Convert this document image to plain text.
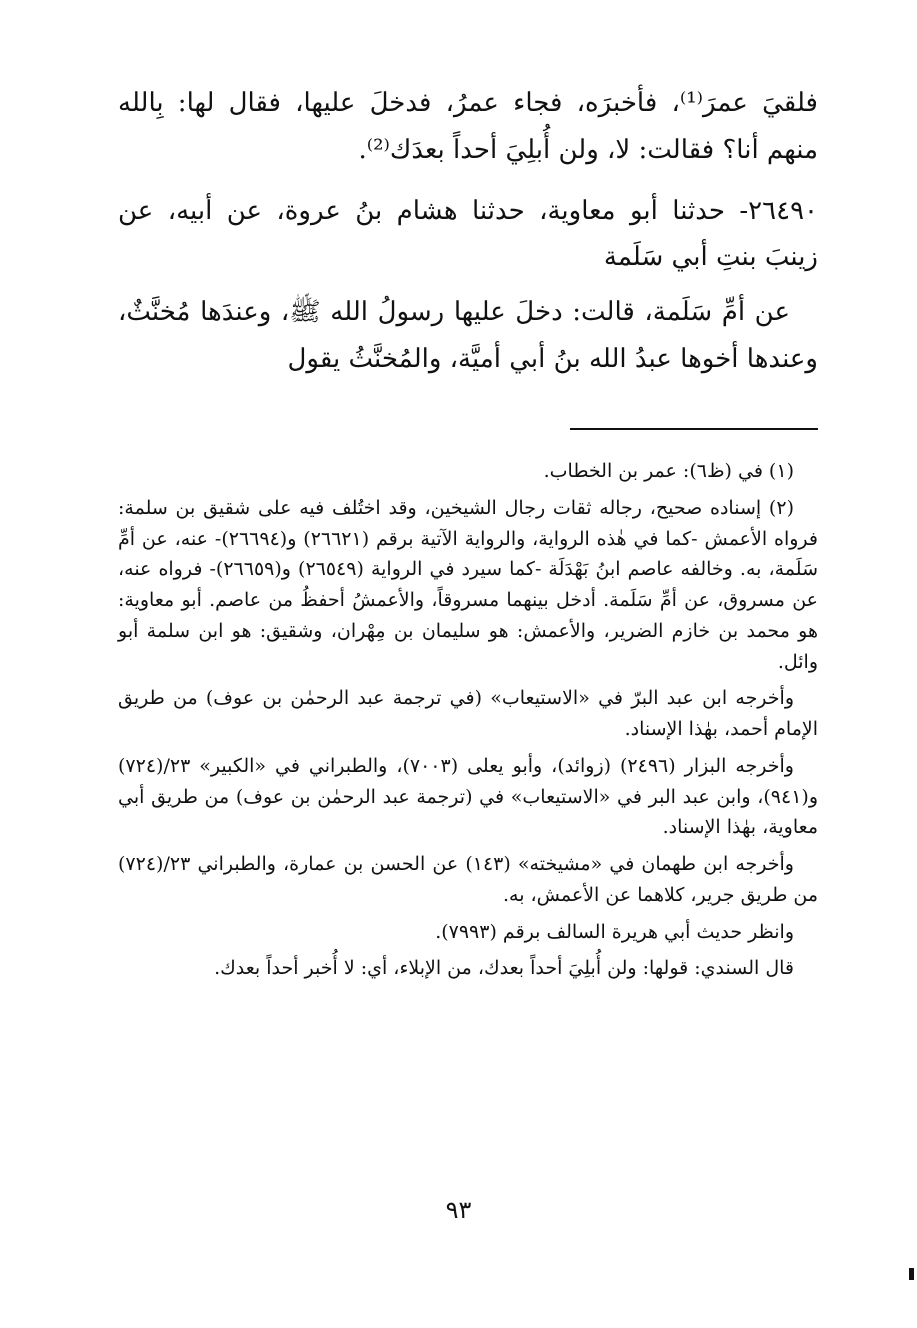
فلقيَ عمرَ⁽¹⁾، فأخبرَه، فجاء عمرُ، فدخلَ عليها، فقال لها: بِالله منهم أنا؟ فقالت: لا، ولن أُبلِيَ أحداً بعدَك⁽²⁾.

٢٦٤٩٠- حدثنا أبو معاوية، حدثنا هشام بنُ عروة، عن أبيه، عن زينبَ بنتِ أبي سَلَمة

عن أمِّ سَلَمة، قالت: دخلَ عليها رسولُ الله ﷺ، وعندَها مُخنَّثٌ، وعندها أخوها عبدُ الله بنُ أبي أميَّة، والمُخنَّثُ يقول

(١) في (ظ٦): عمر بن الخطاب.

(٢) إسناده صحيح، رجاله ثقات رجال الشيخين، وقد اختُلف فيه على شقيق بن سلمة: فرواه الأعمش -كما في هٰذه الرواية، والرواية الآتية برقم (٢٦٦٢١) و(٢٦٦٩٤)- عنه، عن أمِّ سَلَمة، به. وخالفه عاصم ابنُ بَهْدَلَة -كما سيرد في الرواية (٢٦٥٤٩) و(٢٦٦٥٩)- فرواه عنه، عن مسروق، عن أمِّ سَلَمة. أدخل بينهما مسروقاً، والأعمشُ أحفظُ من عاصم. أبو معاوية: هو محمد بن خازم الضرير، والأعمش: هو سليمان بن مِهْران، وشقيق: هو ابن سلمة أبو وائل.

وأخرجه ابن عبد البرّ في «الاستيعاب» (في ترجمة عبد الرحمٰن بن عوف) من طريق الإمام أحمد، بهٰذا الإسناد.

وأخرجه البزار (٢٤٩٦) (زوائد)، وأبو يعلى (٧٠٠٣)، والطبراني في «الكبير» ٢٣/(٧٢٤) و(٩٤١)، وابن عبد البر في «الاستيعاب» في (ترجمة عبد الرحمٰن بن عوف) من طريق أبي معاوية، بهٰذا الإسناد.

وأخرجه ابن طهمان في «مشيخته» (١٤٣) عن الحسن بن عمارة، والطبراني ٢٣/(٧٢٤) من طريق جرير، كلاهما عن الأعمش، به.

وانظر حديث أبي هريرة السالف برقم (٧٩٩٣).

قال السندي: قولها: ولن أُبلِيَ أحداً بعدك، من الإبلاء، أي: لا أُخبر أحداً بعدك.

٩٣
